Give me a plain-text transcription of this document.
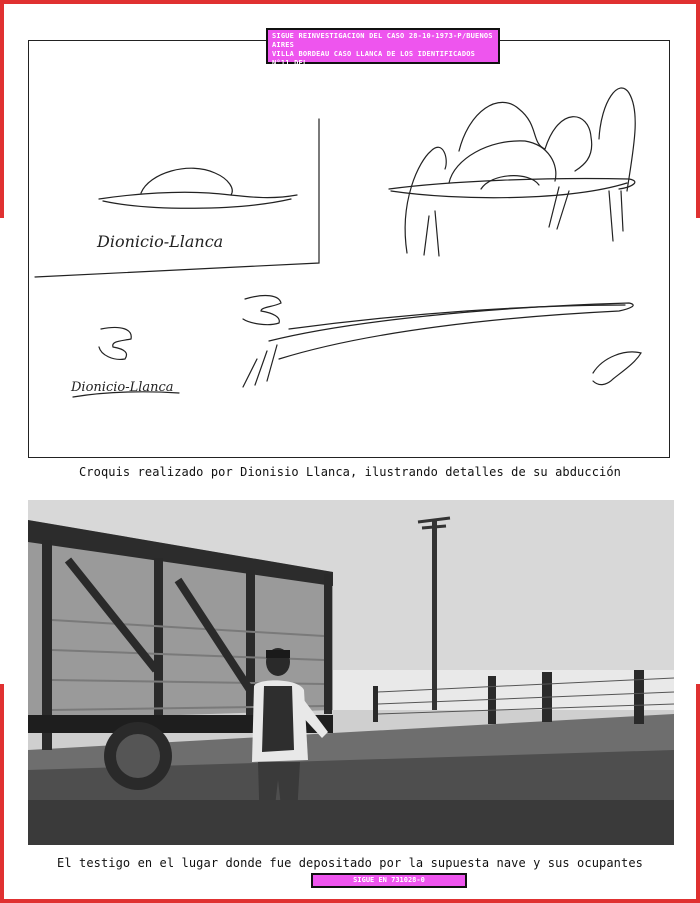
Dionicio-Llanca
Dionicio-Llanca
SIGUE REINVESTIGACION DEL CASO 28-10-1973-P/BUENOS AIRES
VILLA BORDEAU CASO LLANCA DE LOS IDENTIFICADOS N°11 DEL
DR.ROBERTO BANCHS
Croquis realizado por Dionisio Llanca, ilustrando detalles de su abducción
El testigo en el lugar donde fue depositado por la supuesta nave y sus ocupantes
SIGUE EN 731028-0
